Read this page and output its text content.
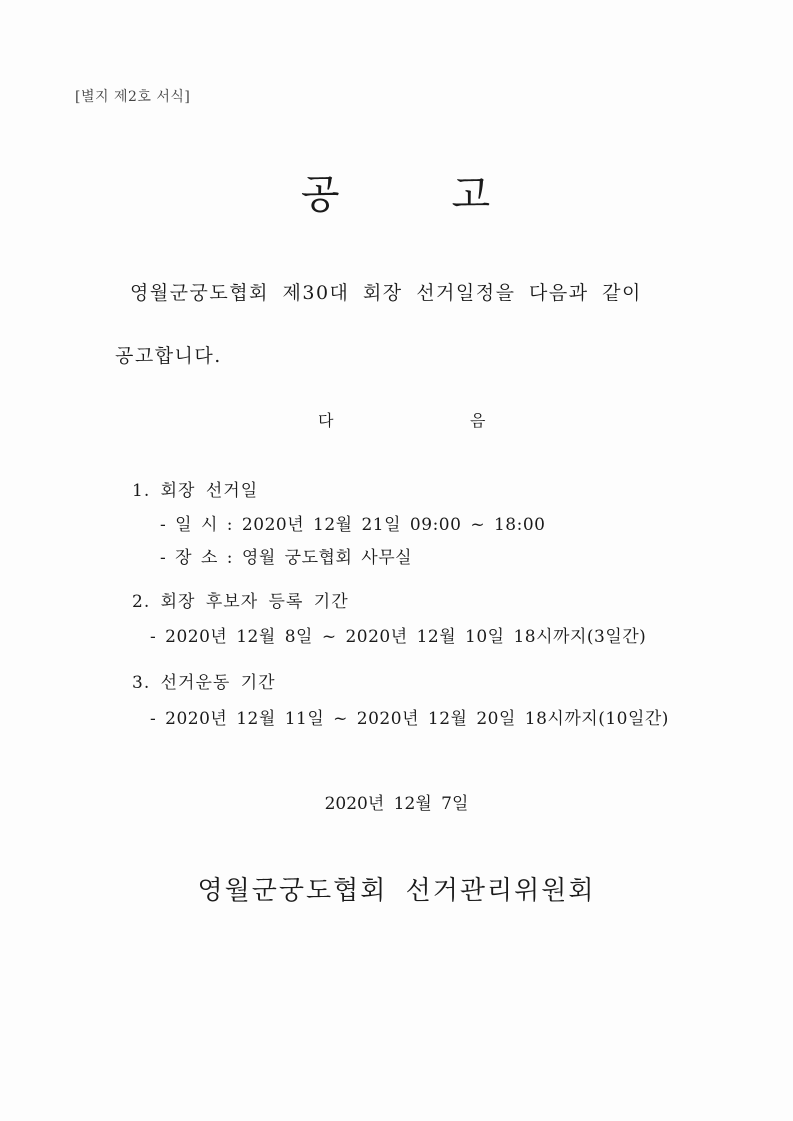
[별지 제2호 서식]
공	고
영월군궁도협회 제30대 회장 선거일정을 다음과 같이
공고합니다.
다	음
1. 회장 선거일
- 일 시 : 2020년 12월 21일 09:00 ~ 18:00
- 장 소 : 영월 궁도협회 사무실
2. 회장 후보자 등록 기간
- 2020년 12월 8일 ~ 2020년 12월 10일 18시까지(3일간)
3. 선거운동 기간
- 2020년 12월 11일 ~ 2020년 12월 20일 18시까지(10일간)
2020년 12월 7일
영월군궁도협회 선거관리위원회
